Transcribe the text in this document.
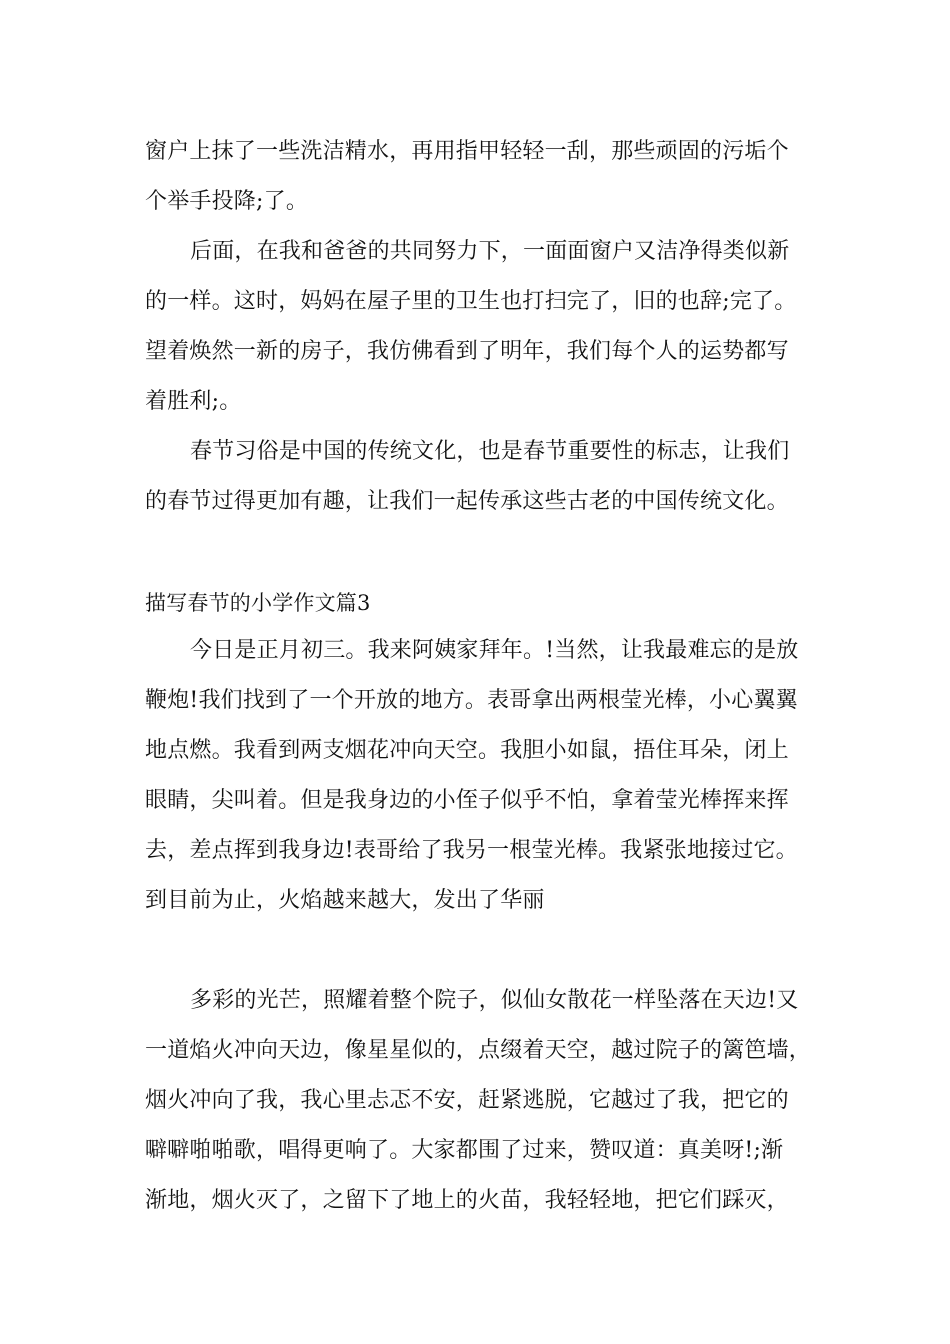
窗户上抹了一些洗洁精水，再用指甲轻轻一刮，那些顽固的污垢个
个举手投降;了。
后面，在我和爸爸的共同努力下，一面面窗户又洁净得类似新
的一样。这时，妈妈在屋子里的卫生也打扫完了，旧的也辞;完了。
望着焕然一新的房子，我仿佛看到了明年，我们每个人的运势都写
着胜利;。
春节习俗是中国的传统文化，也是春节重要性的标志，让我们
的春节过得更加有趣，让我们一起传承这些古老的中国传统文化。
描写春节的小学作文篇3
今日是正月初三。我来阿姨家拜年。!当然，让我最难忘的是放
鞭炮!我们找到了一个开放的地方。表哥拿出两根莹光棒，小心翼翼
地点燃。我看到两支烟花冲向天空。我胆小如鼠，捂住耳朵，闭上
眼睛，尖叫着。但是我身边的小侄子似乎不怕，拿着莹光棒挥来挥
去，差点挥到我身边!表哥给了我另一根莹光棒。我紧张地接过它。
到目前为止，火焰越来越大，发出了华丽
多彩的光芒，照耀着整个院子，似仙女散花一样坠落在天边!又
一道焰火冲向天边，像星星似的，点缀着天空，越过院子的篱笆墙，
烟火冲向了我，我心里忐忑不安，赶紧逃脱，它越过了我，把它的
噼噼啪啪歌，唱得更响了。大家都围了过来，赞叹道：真美呀!;渐
渐地，烟火灭了，之留下了地上的火苗，我轻轻地，把它们踩灭，
